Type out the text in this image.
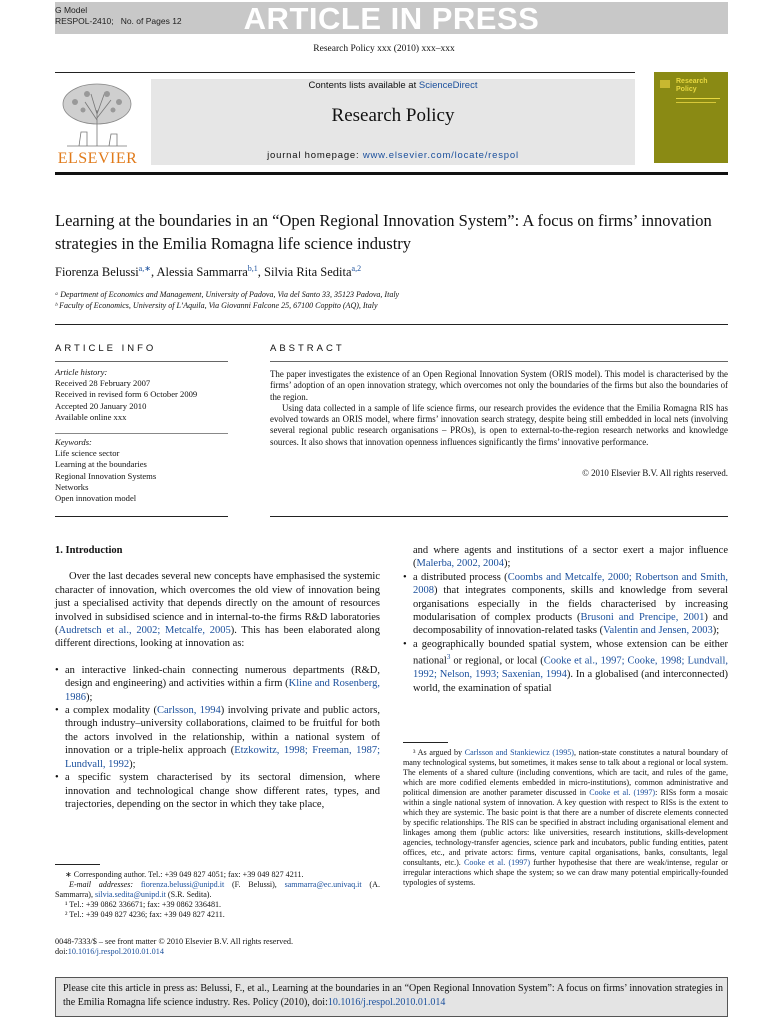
ARTICLE IN PRESS
G Model
RESPOL-2410; No. of Pages 12
Research Policy xxx (2010) xxx–xxx
ELSEVIER
Contents lists available at ScienceDirect
Research Policy
journal homepage: www.elsevier.com/locate/respol
Research Policy
Learning at the boundaries in an “Open Regional Innovation System”: A focus on firms’ innovation strategies in the Emilia Romagna life science industry
Fiorenza Belussi$^{a,∗}$, Alessia Sammarra$^{b,1}$, Silvia Rita Sedita$^{a,2}$
ᵃ Department of Economics and Management, University of Padova, Via del Santo 33, 35123 Padova, Italy
ᵇ Faculty of Economics, University of L’Aquila, Via Giovanni Falcone 25, 67100 Coppito (AQ), Italy
ARTICLE INFO
Article history:
Received 28 February 2007
Received in revised form 6 October 2009
Accepted 20 January 2010
Available online xxx
Keywords:
Life science sector
Learning at the boundaries
Regional Innovation Systems
Networks
Open innovation model
ABSTRACT

The paper investigates the existence of an Open Regional Innovation System (ORIS model). This model is characterised by the firms’ adoption of an open innovation strategy, which overcomes not only the boundaries of the firms but also the boundaries of the region.

Using data collected in a sample of life science firms, our research provides the evidence that the Emilia Romagna RIS has evolved towards an ORIS model, where firms’ innovation search strategy, despite being still embedded in local nets (involving several regional public research organisations – PROs), is open to external-to-the-region research networks and knowledge sources. It also shows that innovation openness influences significantly the firms’ innovative performance.

© 2010 Elsevier B.V. All rights reserved.
1. Introduction

Over the last decades several new concepts have emphasised the systemic character of innovation, which overcomes the old view of innovation being just a specialised activity that depends directly on the amount of resources involved in subsidised science and in internal-to-the firms R&D laboratories (Audretsch et al., 2002; Metcalfe, 2005). This has been elaborated along different directions, looking at innovation as:

• an interactive linked-chain connecting numerous departments (R&D, design and engineering) and activities within a firm (Kline and Rosenberg, 1986);
• a complex modality (Carlsson, 1994) involving private and public actors, through industry–university collaborations, claimed to be fruitful for both the actors involved in the relationship, within a national system of innovation or a triple-helix approach (Etzkowitz, 1998; Freeman, 1987; Lundvall, 1992);
• a specific system characterised by its sectoral dimension, where innovation and technological change show different rates, types, and trajectories, depending on the sector in which they take place,

∗ Corresponding author. Tel.: +39 049 827 4051; fax: +39 049 827 4211.

E-mail addresses: fiorenza.belussi@unipd.it (F. Belussi), sammarra@ec.univaq.it (A. Sammarra), silvia.sedita@unipd.it (S.R. Sedita).

¹ Tel.: +39 0862 336671; fax: +39 0862 336481.

² Tel.: +39 049 827 4236; fax: +39 049 827 4211.

0048-7333/$ – see front matter © 2010 Elsevier B.V. All rights reserved.

doi:10.1016/j.respol.2010.01.014

and where agents and institutions of a sector exert a major influence (Malerba, 2002, 2004);

• a distributed process (Coombs and Metcalfe, 2000; Robertson and Smith, 2008) that integrates components, skills and knowledge from several organisations especially in the fields characterised by increasing modularisation of complex products (Brusoni and Prencipe, 2001) and decomposability of innovation-related tasks (Valentin and Jensen, 2003);
• a geographically bounded spatial system, whose extension can be either national$^3$ or regional, or local (Cooke et al., 1997; Cooke, 1998; Lundvall, 1992; Nelson, 1993; Saxenian, 1994). In a globalised (and interconnected) world, the examination of spatial

³ As argued by Carlsson and Stankiewicz (1995), nation-state constitutes a natural boundary of many technological systems, but sometimes, it makes sense to talk about a regional or local system. The elements of a shared culture (including conventions, which are tacit, and rules of the game, which are more codified elements embedded in micro-institutions), common administrative and political dimension are another parameter discussed in Cooke et al. (1997): RISs form a mosaic within a single national system of innovation. A key question with respect to RISs is the extent to which they are systemic. The basic point is that there are a number of discrete elements connected by specific relationships. The RIS can be specified in abstract including organisational element and linkages among them (public actors: like universities, research institutions, skills-development agencies, technology-transfer agencies, science park and incubators, public funding entities, patent offices, etc., and private actors: firms, venture capital organisations, banks, consultants, legal consultants, etc.). Cooke et al. (1997) further hypothesise that there are weak/intense, regular or irregular interactions which shape the system; so we can draw many potential empirically-founded typologies of systems.

Please cite this article in press as: Belussi, F., et al., Learning at the boundaries in an “Open Regional Innovation System”: A focus on firms’ innovation strategies in the Emilia Romagna life science industry. Res. Policy (2010), doi:10.1016/j.respol.2010.01.014
